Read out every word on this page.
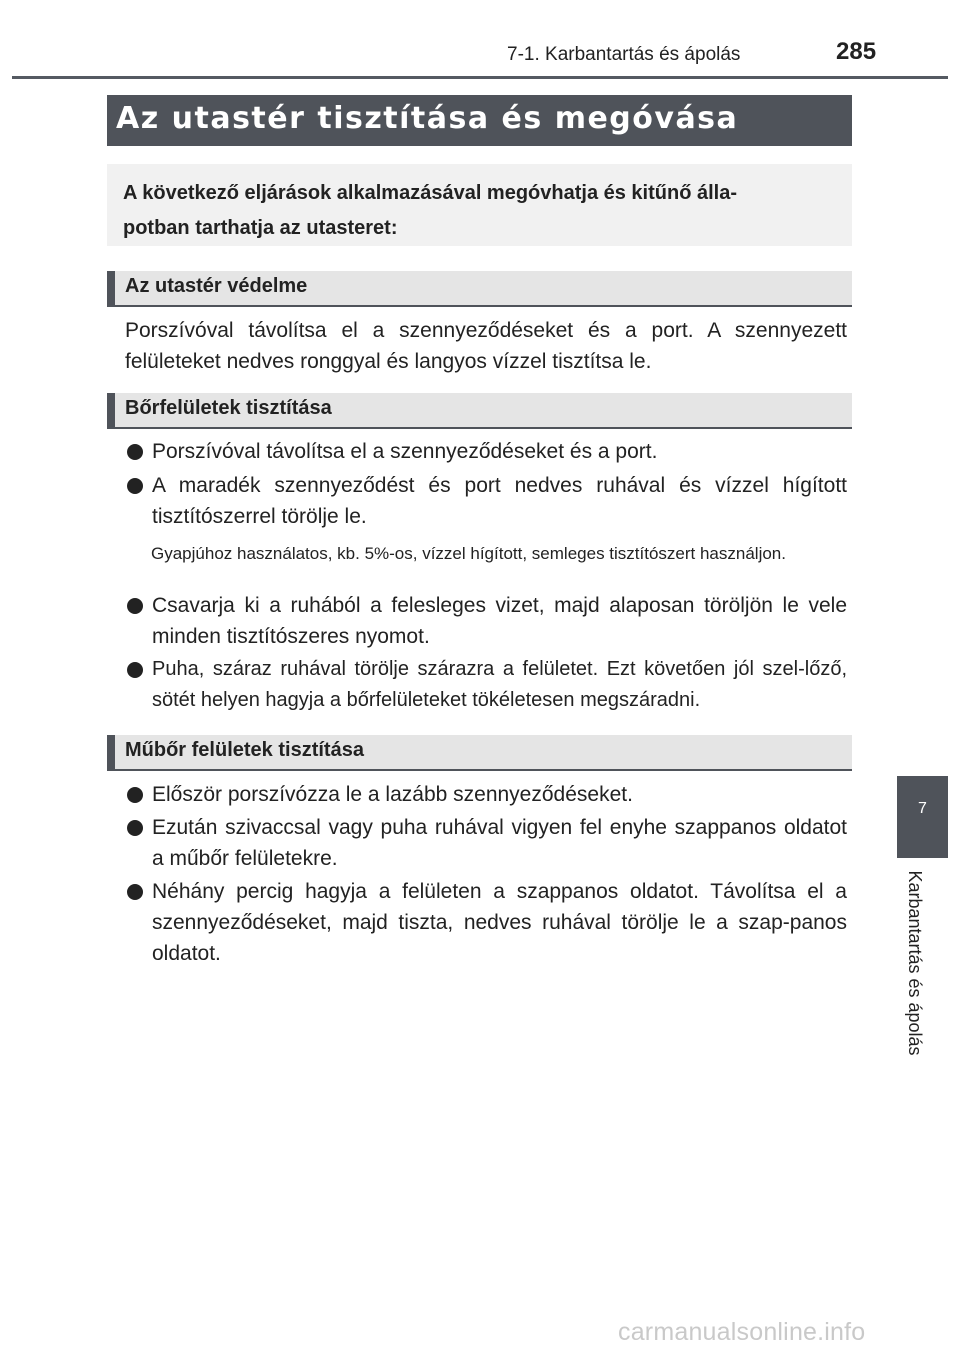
7-1. Karbantartás és ápolás	285
Az utastér tisztítása és megóvása
A következő eljárások alkalmazásával megóvhatja és kitűnő álla-
potban tarthatja az utasteret:
Az utastér védelme
Porszívóval távolítsa el a szennyeződéseket és a port. A szennyezett felületeket nedves ronggyal és langyos vízzel tisztítsa le.
Bőrfelületek tisztítása
Porszívóval távolítsa el a szennyeződéseket és a port.
A maradék szennyeződést és port nedves ruhával és vízzel hígított tisztítószerrel törölje le.
Gyapjúhoz használatos, kb. 5%-os, vízzel hígított, semleges tisztítószert használjon.
Csavarja ki a ruhából a felesleges vizet, majd alaposan töröljön le vele minden tisztítószeres nyomot.
Puha, száraz ruhával törölje szárazra a felületet. Ezt követően jól szel-lőző, sötét helyen hagyja a bőrfelületeket tökéletesen megszáradni.
Műbőr felületek tisztítása
Először porszívózza le a lazább szennyeződéseket.
Ezután szivaccsal vagy puha ruhával vigyen fel enyhe szappanos oldatot a műbőr felületekre.
Néhány percig hagyja a felületen a szappanos oldatot. Távolítsa el a szennyeződéseket, majd tiszta, nedves ruhával törölje le a szap-panos oldatot.
7
Karbantartás és ápolás
carmanualsonline.info
